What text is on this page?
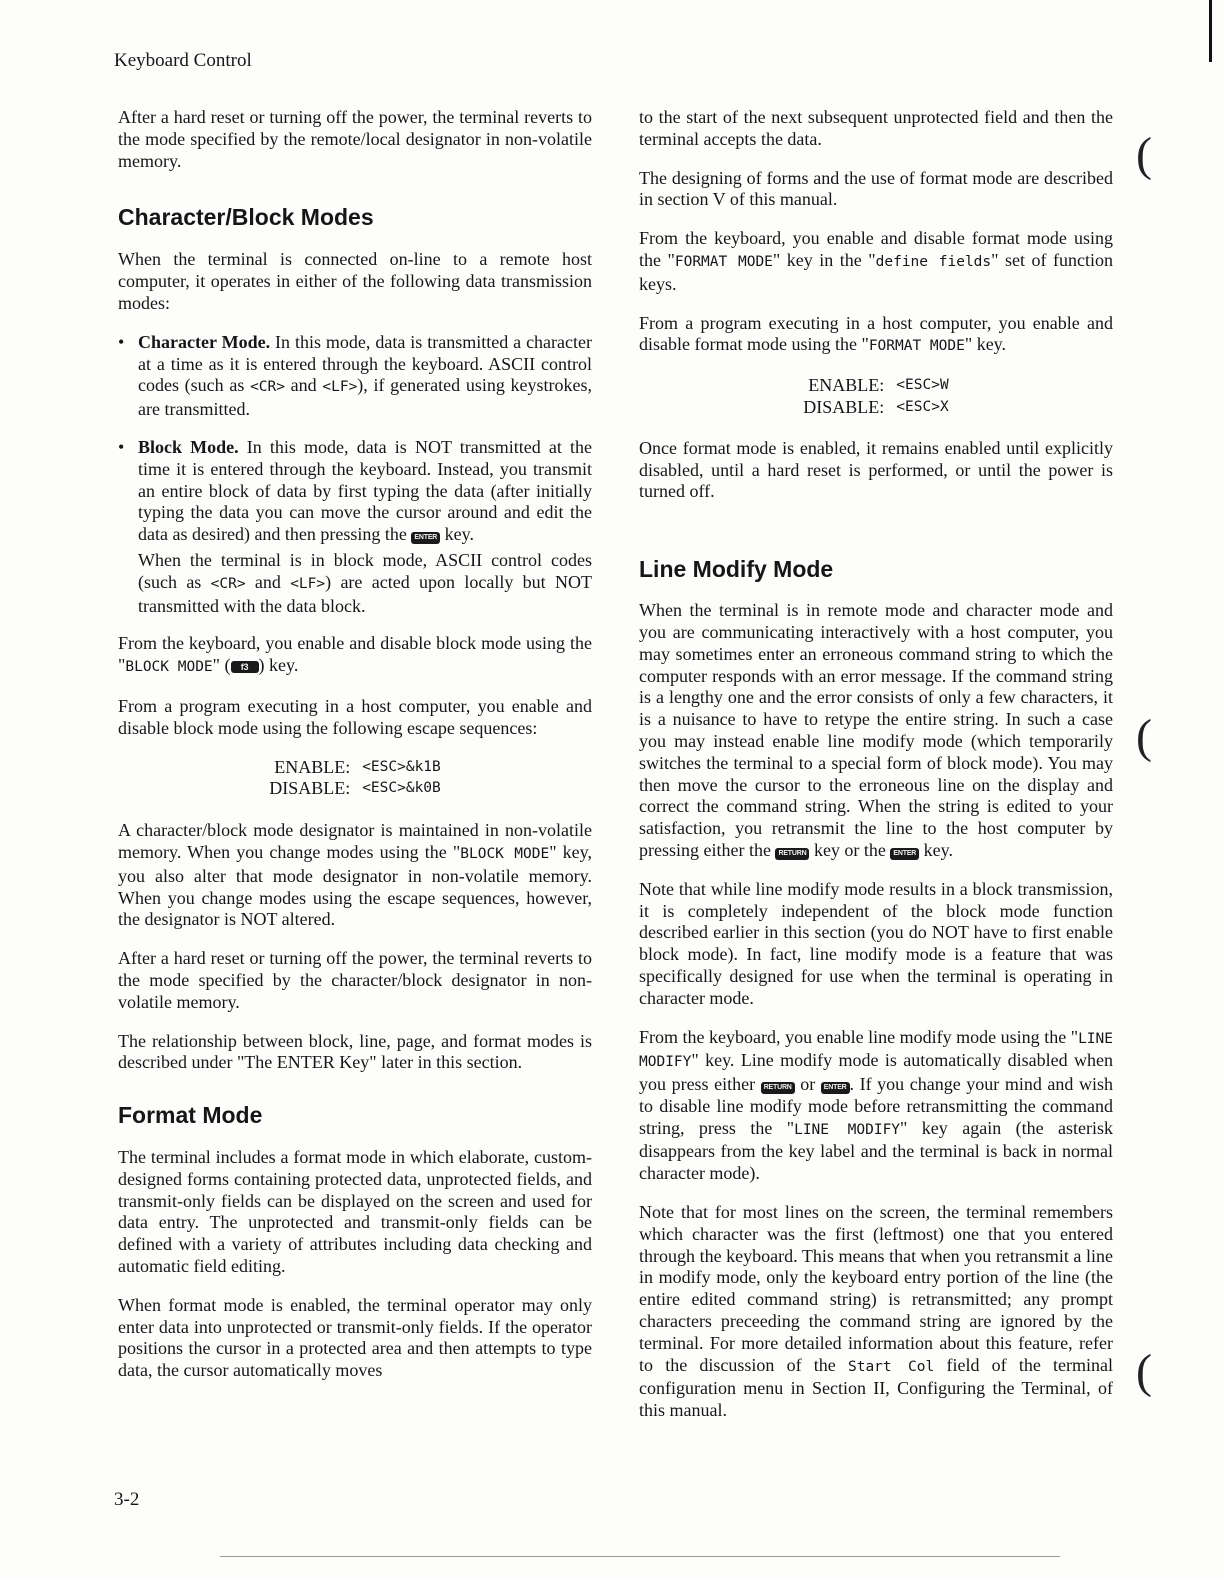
Keyboard Control

After a hard reset or turning off the power, the terminal reverts to the mode specified by the remote/local designator in non-volatile memory.

Character/Block Modes

When the terminal is connected on-line to a remote host computer, it operates in either of the following data transmission modes:

• Character Mode. In this mode, data is transmitted a character at a time as it is entered through the keyboard. ASCII control codes (such as <CR> and <LF>), if generated using keystrokes, are transmitted.

• Block Mode. In this mode, data is NOT transmitted at the time it is entered through the keyboard. Instead, you transmit an entire block of data by first typing the data (after initially typing the data you can move the cursor around and edit the data as desired) and then pressing the ENTER key.

When the terminal is in block mode, ASCII control codes (such as <CR> and <LF>) are acted upon locally but NOT transmitted with the data block.

From the keyboard, you enable and disable block mode using the "BLOCK MODE" ( f3 ) key.

From a program executing in a host computer, you enable and disable block mode using the following escape sequences:

ENABLE:
DISABLE:
<ESC>&k1B
<ESC>&k0B

A character/block mode designator is maintained in non-volatile memory. When you change modes using the "BLOCK MODE" key, you also alter that mode designator in non-volatile memory. When you change modes using the escape sequences, however, the designator is NOT altered.

After a hard reset or turning off the power, the terminal reverts to the mode specified by the character/block designator in non-volatile memory.

The relationship between block, line, page, and format modes is described under "The ENTER Key" later in this section.

Format Mode

The terminal includes a format mode in which elaborate, custom-designed forms containing protected data, unprotected fields, and transmit-only fields can be displayed on the screen and used for data entry. The unprotected and transmit-only fields can be defined with a variety of attributes including data checking and automatic field editing.

When format mode is enabled, the terminal operator may only enter data into unprotected or transmit-only fields. If the operator positions the cursor in a protected area and then attempts to type data, the cursor automatically moves

to the start of the next subsequent unprotected field and then the terminal accepts the data.

The designing of forms and the use of format mode are described in section V of this manual.

From the keyboard, you enable and disable format mode using the "FORMAT MODE" key in the "define fields" set of function keys.

From a program executing in a host computer, you enable and disable format mode using the "FORMAT MODE" key.

ENABLE:
DISABLE:
<ESC>W
<ESC>X

Once format mode is enabled, it remains enabled until explicitly disabled, until a hard reset is performed, or until the power is turned off.

Line Modify Mode

When the terminal is in remote mode and character mode and you are communicating interactively with a host computer, you may sometimes enter an erroneous command string to which the computer responds with an error message. If the command string is a lengthy one and the error consists of only a few characters, it is a nuisance to have to retype the entire string. In such a case you may instead enable line modify mode (which temporarily switches the terminal to a special form of block mode). You may then move the cursor to the erroneous line on the display and correct the command string. When the string is edited to your satisfaction, you retransmit the line to the host computer by pressing either the RETURN key or the ENTER key.

Note that while line modify mode results in a block transmission, it is completely independent of the block mode function described earlier in this section (you do NOT have to first enable block mode). In fact, line modify mode is a feature that was specifically designed for use when the terminal is operating in character mode.

From the keyboard, you enable line modify mode using the "LINE MODIFY" key. Line modify mode is automatically disabled when you press either RETURN or ENTER . If you change your mind and wish to disable line modify mode before retransmitting the command string, press the "LINE MODIFY" key again (the asterisk disappears from the key label and the terminal is back in normal character mode).

Note that for most lines on the screen, the terminal remembers which character was the first (leftmost) one that you entered through the keyboard. This means that when you retransmit a line in modify mode, only the keyboard entry portion of the line (the entire edited command string) is retransmitted; any prompt characters preceeding the command string are ignored by the terminal. For more detailed information about this feature, refer to the discussion of the Start Col field of the terminal configuration menu in Section II, Configuring the Terminal, of this manual.

(
(
(
3-2
